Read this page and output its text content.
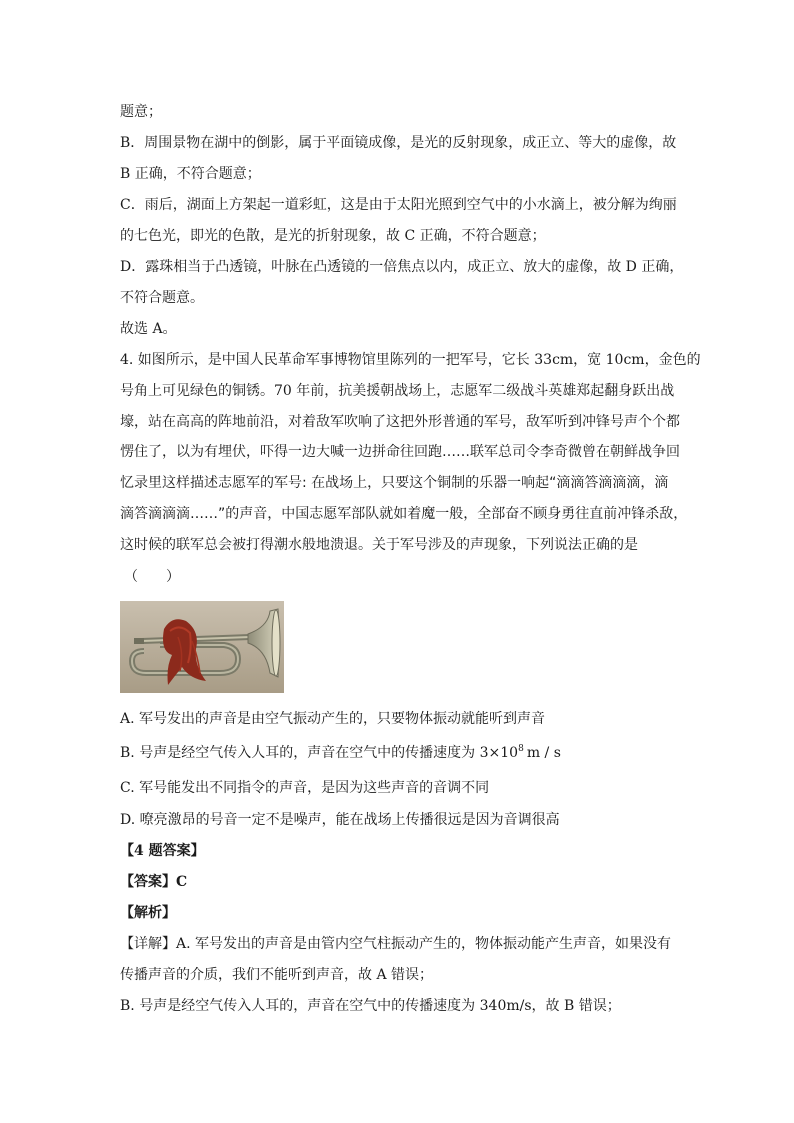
题意；
B．周围景物在湖中的倒影，属于平面镜成像，是光的反射现象，成正立、等大的虚像，故
B 正确，不符合题意；
C．雨后，湖面上方架起一道彩虹，这是由于太阳光照到空气中的小水滴上，被分解为绚丽
的七色光，即光的色散，是光的折射现象，故 C 正确，不符合题意；
D．露珠相当于凸透镜，叶脉在凸透镜的一倍焦点以内，成正立、放大的虚像，故 D 正确，
不符合题意。
故选 A。
4. 如图所示，是中国人民革命军事博物馆里陈列的一把军号，它长 33cm，宽 10cm，金色的
号角上可见绿色的铜锈。70 年前，抗美援朝战场上，志愿军二级战斗英雄郑起翻身跃出战
壕，站在高高的阵地前沿，对着敌军吹响了这把外形普通的军号，敌军听到冲锋号声个个都
愣住了，以为有埋伏，吓得一边大喊一边拼命往回跑……联军总司令李奇微曾在朝鲜战争回
忆录里这样描述志愿军的军号: 在战场上，只要这个铜制的乐器一响起“滴滴答滴滴滴，滴
滴答滴滴滴……”的声音，中国志愿军部队就如着魔一般，全部奋不顾身勇往直前冲锋杀敌，
这时候的联军总会被打得潮水般地溃退。关于军号涉及的声现象，下列说法正确的是
（　　）
A. 军号发出的声音是由空气振动产生的，只要物体振动就能听到声音
B. 号声是经空气传入人耳的，声音在空气中的传播速度为 $3\times 10^8$ m / s
C. 军号能发出不同指令的声音，是因为这些声音的音调不同
D. 嘹亮激昂的号音一定不是噪声，能在战场上传播很远是因为音调很高
【4 题答案】
【答案】C
【解析】
【详解】A. 军号发出的声音是由管内空气柱振动产生的，物体振动能产生声音，如果没有
传播声音的介质，我们不能听到声音，故 A 错误；
B. 号声是经空气传入人耳的，声音在空气中的传播速度为 340m/s，故 B 错误；
